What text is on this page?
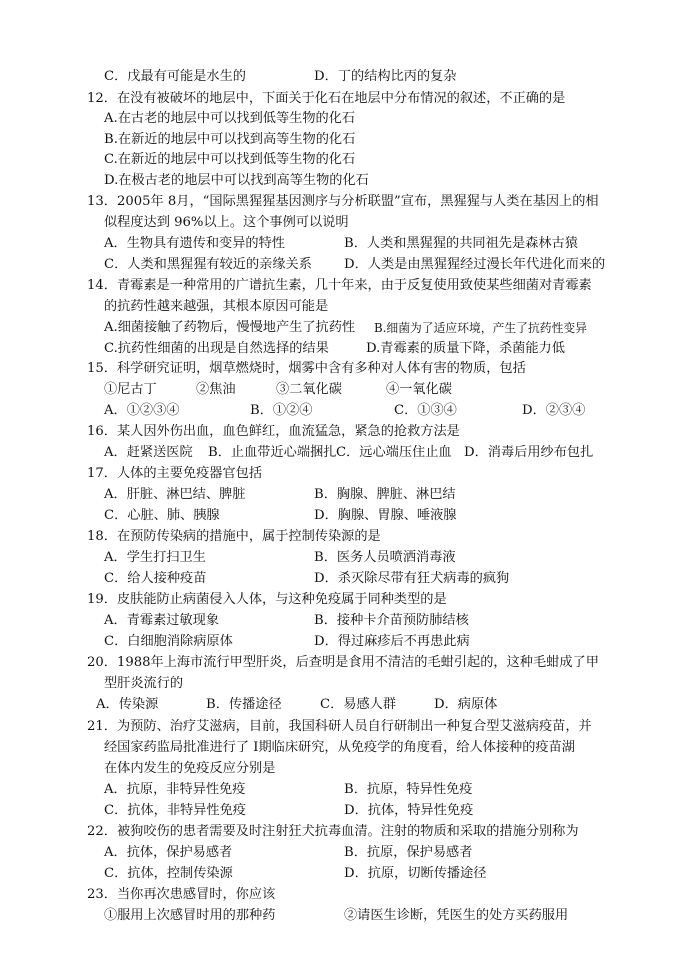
C．戊最有可能是水生的	D．丁的结构比丙的复杂
12．在没有被破坏的地层中，下面关于化石在地层中分布情况的叙述，不正确的是
A.在古老的地层中可以找到低等生物的化石
B.在新近的地层中可以找到高等生物的化石
C.在新近的地层中可以找到低等生物的化石
D.在极古老的地层中可以找到高等生物的化石
13．2005年 8月，“国际黑猩猩基因测序与分析联盟”宣布，黑猩猩与人类在基因上的相
似程度达到 96%以上。这个事例可以说明
A．生物具有遗传和变异的特性	B．人类和黑猩猩的共同祖先是森林古猿
C．人类和黑猩猩有较近的亲缘关系 D．人类是由黑猩猩经过漫长年代进化而来的
14．青霉素是一种常用的广谱抗生素，几十年来，由于反复使用致使某些细菌对青霉素
的抗药性越来越强，其根本原因可能是
A.细菌接触了药物后，慢慢地产生了抗药性 B.细菌为了适应环境，产生了抗药性变异
C.抗药性细菌的出现是自然选择的结果	D.青霉素的质量下降，杀菌能力低
15．科学研究证明，烟草燃烧时，烟雾中含有多种对人体有害的物质，包括
①尼古丁	②焦油	③二氧化碳	④一氧化碳
A．①②③④	B．①②④	C．①③④	D．②③④
16．某人因外伤出血，血色鲜红，血流猛急，紧急的抢救方法是
A．赶紧送医院 B．止血带近心端捆扎 C．远心端压住止血 D．消毒后用纱布包扎
17．人体的主要免疫器官包括
A．肝脏、淋巴结、脾脏	B．胸腺、脾脏、淋巴结
C．心脏、肺、胰腺	D．胸腺、胃腺、唾液腺
18．在预防传染病的措施中，属于控制传染源的是
A．学生打扫卫生	B．医务人员喷洒消毒液
C．给人接种疫苗	D．杀灭除尽带有狂犬病毒的疯狗
19．皮肤能防止病菌侵入人体，与这种免疫属于同种类型的是
A．青霉素过敏现象	B．接种卡介苗预防肺结核
C．白细胞消除病原体	D．得过麻疹后不再患此病
20．1988年上海市流行甲型肝炎，后查明是食用不清洁的毛蚶引起的，这种毛蚶成了甲
型肝炎流行的
A．传染源	B．传播途径	C．易感人群	D．病原体
21．为预防、治疗艾滋病，目前，我国科研人员自行研制出一种复合型艾滋病疫苗，并
经国家药监局批准进行了 I期临床研究，从免疫学的角度看，给人体接种的疫苗湖
在体内发生的免疫反应分别是
A．抗原，非特异性免疫	B．抗原，特异性免疫
C．抗体，非特异性免疫	D．抗体，特异性免疫
22．被狗咬伤的患者需要及时注射狂犬抗毒血清。注射的物质和采取的措施分别称为
A．抗体，保护易感者	B．抗原，保护易感者
C．抗体，控制传染源	D．抗原，切断传播途径
23．当你再次患感冒时，你应该
①服用上次感冒时用的那种药	②请医生诊断，凭医生的处方买药服用
